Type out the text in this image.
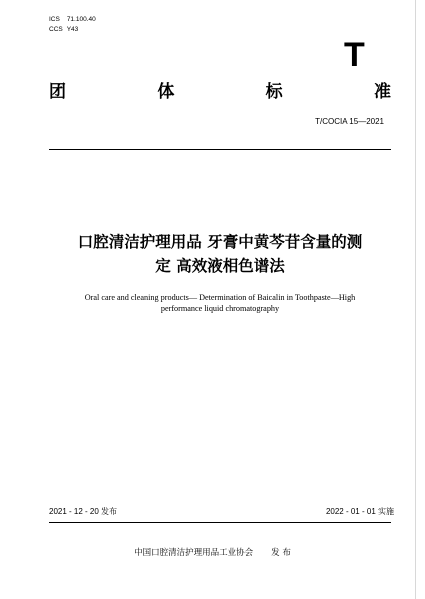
ICS 71.100.40
CCS Y43
T
团	体	标	准
T/COCIA 15—2021
口腔清洁护理用品 牙膏中黄芩苷含量的测
定 高效液相色谱法
Oral care and cleaning products— Determination of Baicalin in Toothpaste—High
performance liquid chromatography
2021 - 12 - 20 发布	2022 - 01 - 01 实施
中国口腔清洁护理用品工业协会 发 布
